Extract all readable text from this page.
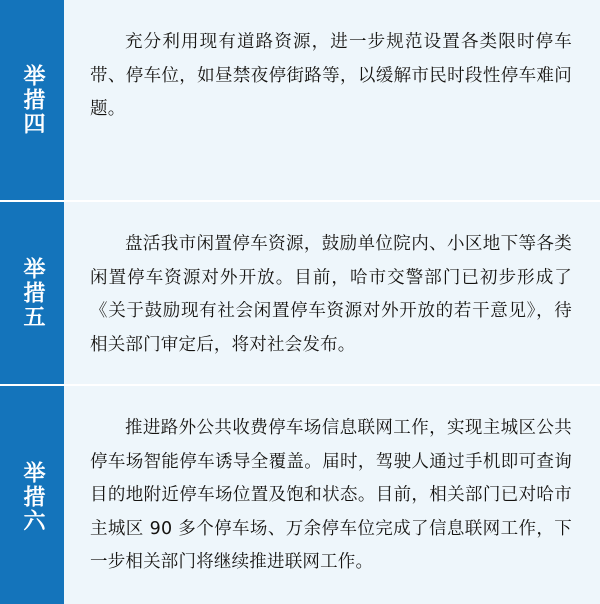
举措四
充分利用现有道路资源，进一步规范设置各类限时停车带、停车位，如昼禁夜停街路等，以缓解市民时段性停车难问题。
举措五
盘活我市闲置停车资源，鼓励单位院内、小区地下等各类闲置停车资源对外开放。目前，哈市交警部门已初步形成了《关于鼓励现有社会闲置停车资源对外开放的若干意见》，待相关部门审定后，将对社会发布。
举措六
推进路外公共收费停车场信息联网工作，实现主城区公共停车场智能停车诱导全覆盖。届时，驾驶人通过手机即可查询目的地附近停车场位置及饱和状态。目前，相关部门已对哈市主城区 90 多个停车场、万余停车位完成了信息联网工作，下一步相关部门将继续推进联网工作。
